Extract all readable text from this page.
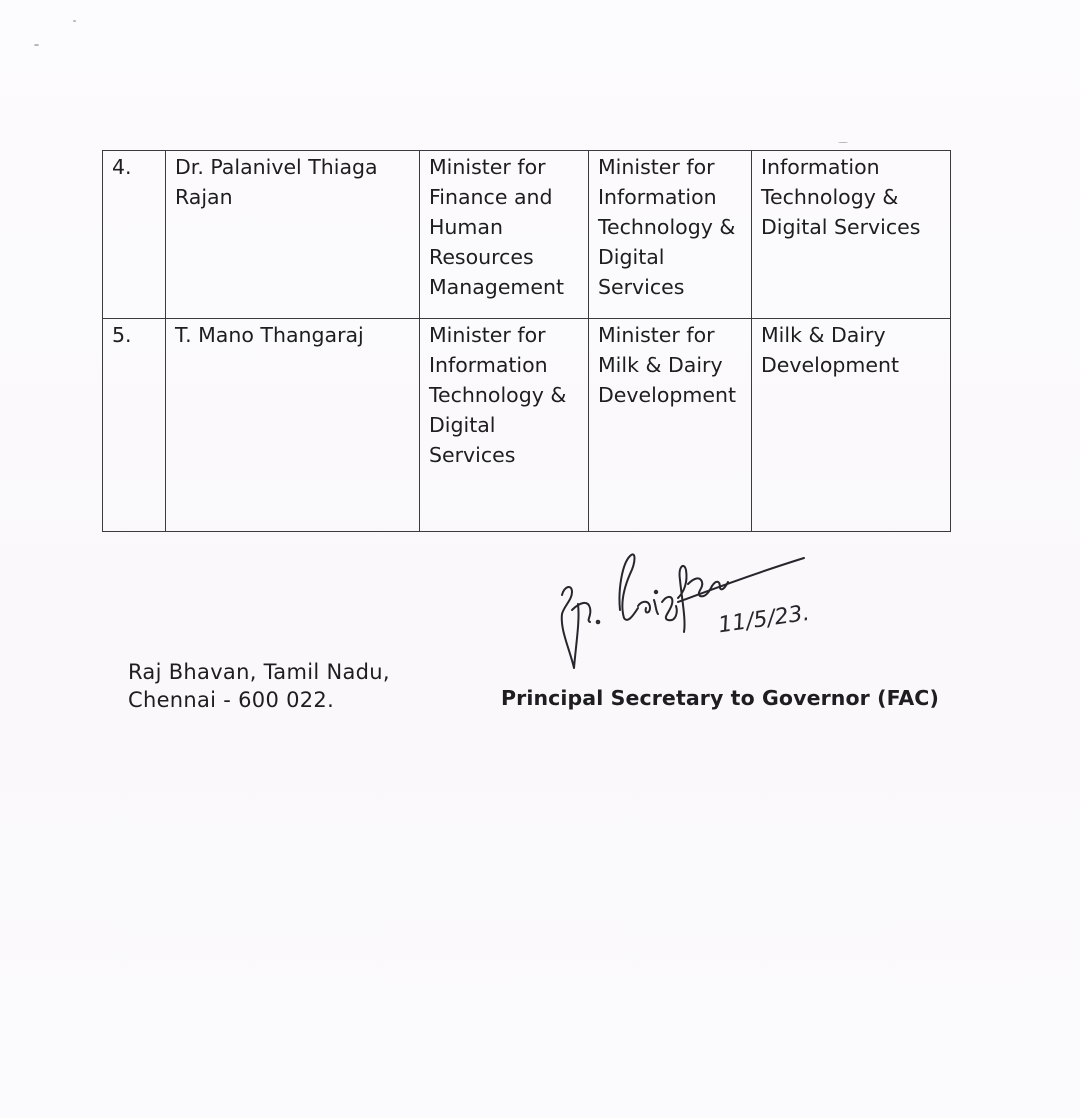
4.	Dr. Palanivel Thiaga Rajan	Minister for Finance and Human Resources Management	Minister for Information Technology & Digital Services	Information Technology & Digital Services
5.	T. Mano Thangaraj	Minister for Information Technology & Digital Services	Minister for Milk & Dairy Development	Milk & Dairy Development
11/5/23.
Raj Bhavan, Tamil Nadu,
Chennai - 600 022.	Principal Secretary to Governor (FAC)
